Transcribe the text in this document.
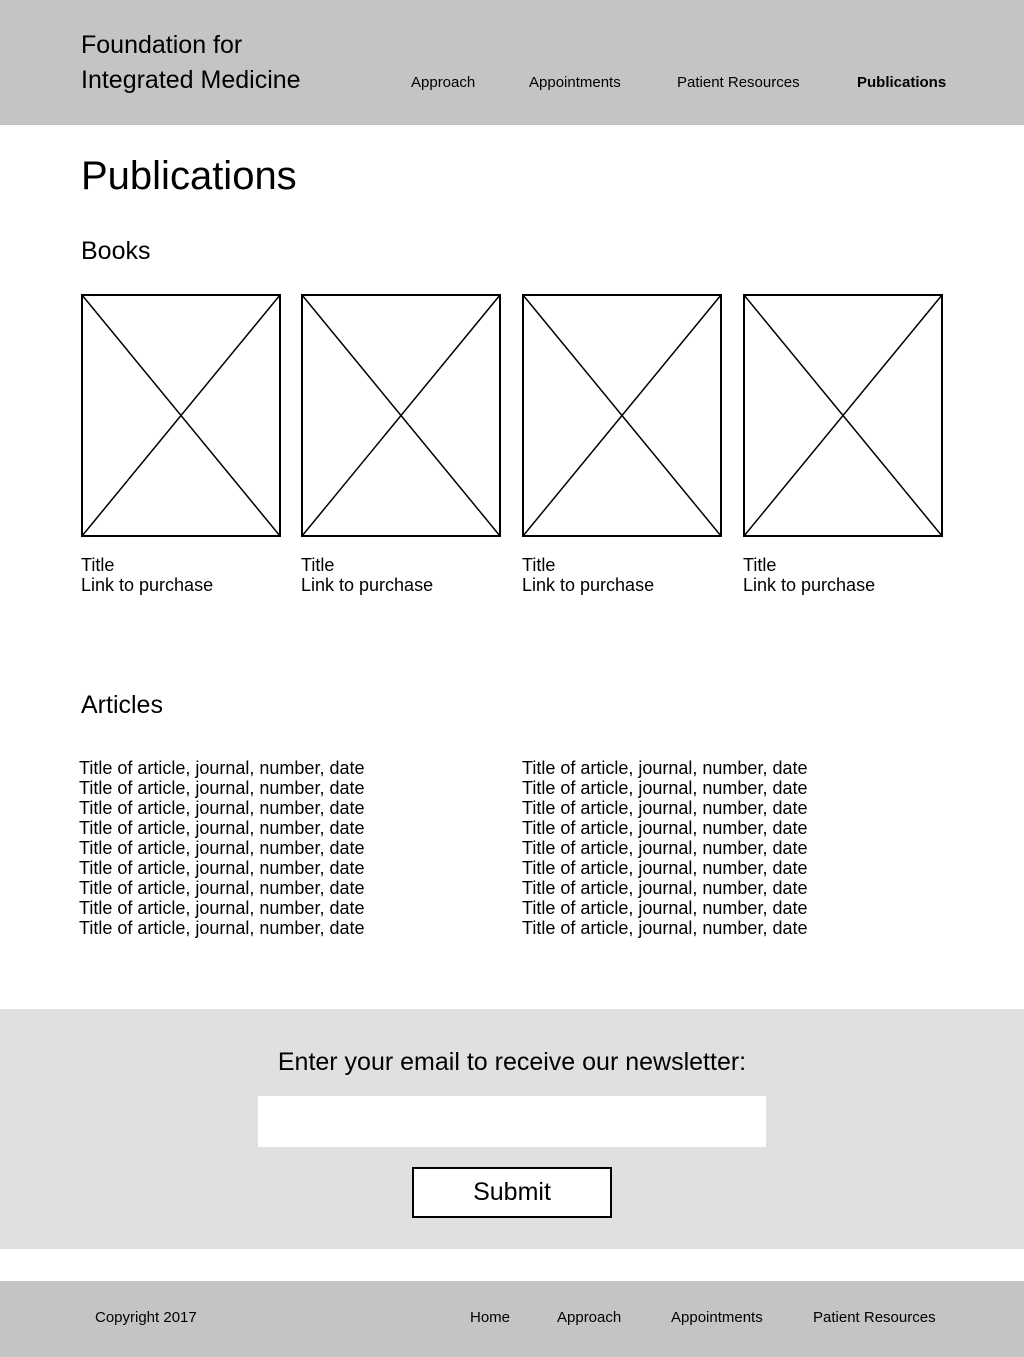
Foundation for
Integrated Medicine	Approach	Appointments	Patient Resources	Publications
Publications
Books
Title
Link to purchase
Title
Link to purchase
Title
Link to purchase
Title
Link to purchase
Articles
Title of article, journal, number, date
Title of article, journal, number, date
Title of article, journal, number, date
Title of article, journal, number, date
Title of article, journal, number, date
Title of article, journal, number, date
Title of article, journal, number, date
Title of article, journal, number, date
Title of article, journal, number, date
Title of article, journal, number, date
Title of article, journal, number, date
Title of article, journal, number, date
Title of article, journal, number, date
Title of article, journal, number, date
Title of article, journal, number, date
Title of article, journal, number, date
Title of article, journal, number, date
Title of article, journal, number, date
Enter your email to receive our newsletter:
Submit
Copyright 2017	Home	Approach	Appointments	Patient Resources
